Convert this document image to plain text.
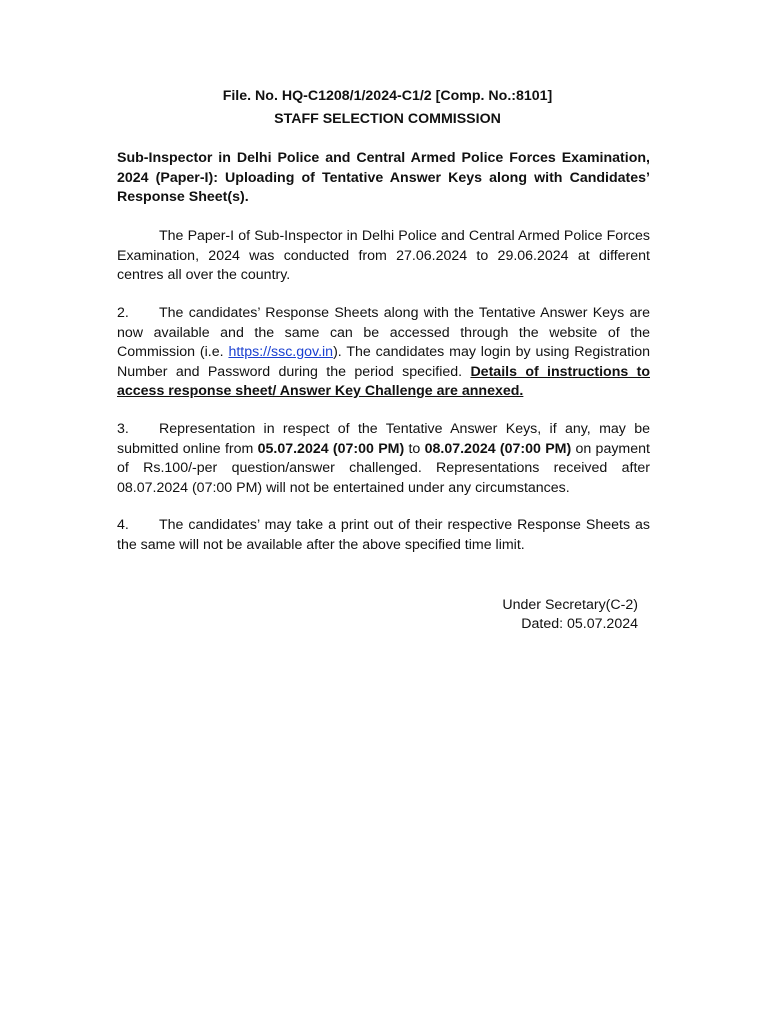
File. No. HQ-C1208/1/2024-C1/2 [Comp. No.:8101]
STAFF SELECTION COMMISSION
Sub-Inspector in Delhi Police and Central Armed Police Forces Examination, 2024 (Paper-I): Uploading of Tentative Answer Keys along with Candidates’ Response Sheet(s).
The Paper-I of Sub-Inspector in Delhi Police and Central Armed Police Forces Examination, 2024 was conducted from 27.06.2024 to 29.06.2024 at different centres all over the country.
2. The candidates’ Response Sheets along with the Tentative Answer Keys are now available and the same can be accessed through the website of the Commission (i.e. https://ssc.gov.in). The candidates may login by using Registration Number and Password during the period specified. Details of instructions to access response sheet/ Answer Key Challenge are annexed.
3. Representation in respect of the Tentative Answer Keys, if any, may be submitted online from 05.07.2024 (07:00 PM) to 08.07.2024 (07:00 PM) on payment of Rs.100/-per question/answer challenged. Representations received after 08.07.2024 (07:00 PM) will not be entertained under any circumstances.
4. The candidates’ may take a print out of their respective Response Sheets as the same will not be available after the above specified time limit.
Under Secretary(C-2)
Dated: 05.07.2024
